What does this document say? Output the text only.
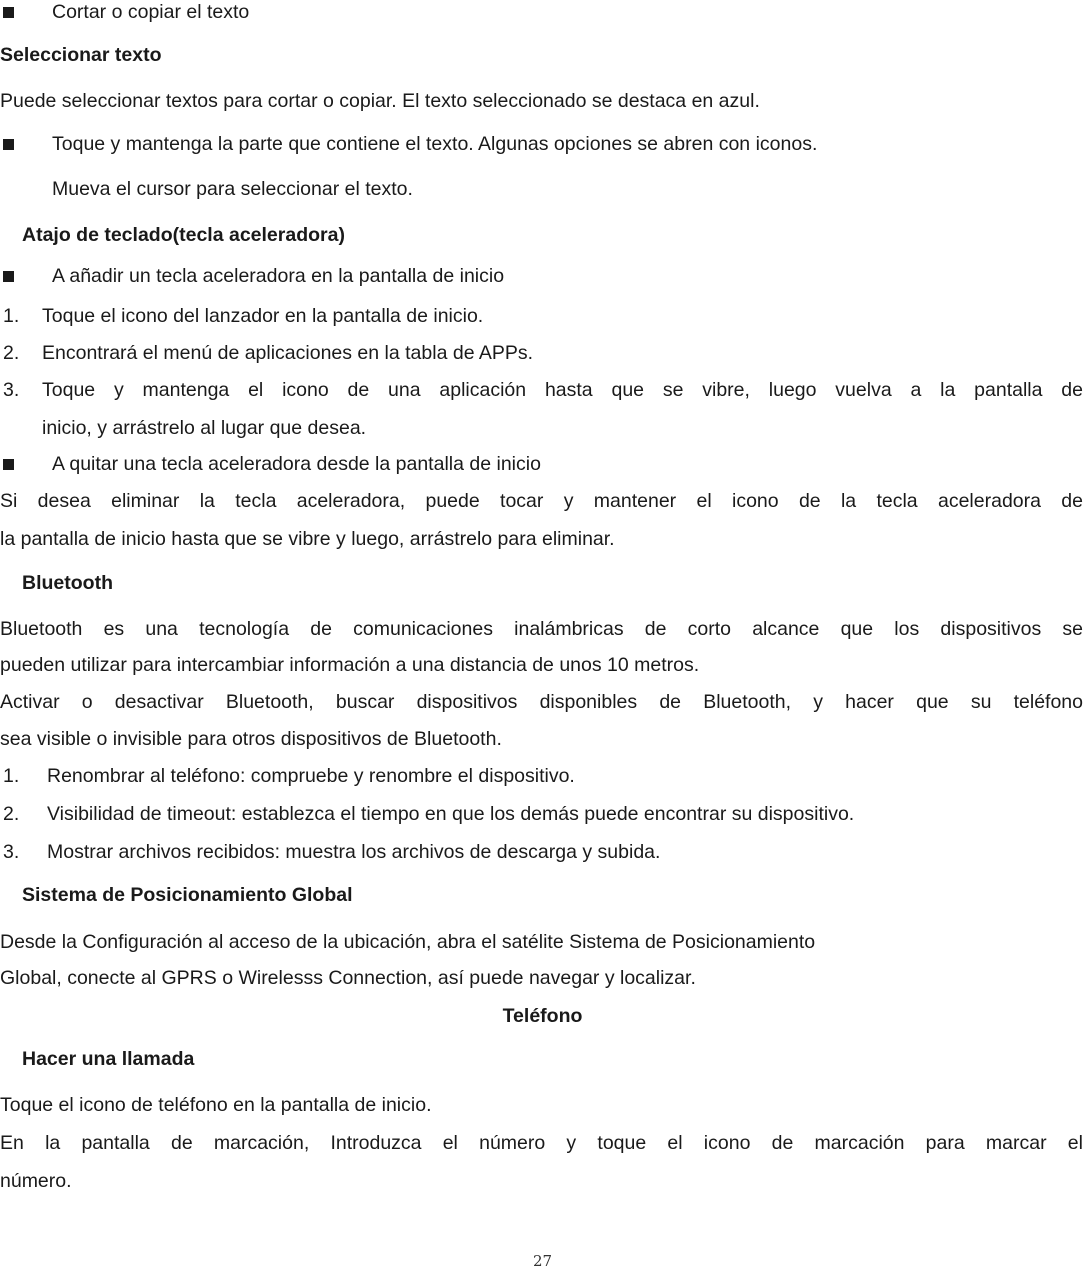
Cortar o copiar el texto
Seleccionar texto
Puede seleccionar textos para cortar o copiar. El texto seleccionado se destaca en azul.
Toque y mantenga la parte que contiene el texto. Algunas opciones se abren con iconos.
Mueva el cursor para seleccionar el texto.
Atajo de teclado(tecla aceleradora)
A añadir un tecla aceleradora en la pantalla de inicio
1. Toque el icono del lanzador en la pantalla de inicio.
2. Encontrará el menú de aplicaciones en la tabla de APPs.
3. Toque y mantenga el icono de una aplicación hasta que se vibre, luego vuelva a la pantalla de
inicio, y arrástrelo al lugar que desea.
A quitar una tecla aceleradora desde la pantalla de inicio
Si desea eliminar la tecla aceleradora, puede tocar y mantener el icono de la tecla aceleradora de
la pantalla de inicio hasta que se vibre y luego, arrástrelo para eliminar.
Bluetooth
Bluetooth es una tecnología de comunicaciones inalámbricas de corto alcance que los dispositivos se
pueden utilizar para intercambiar información a una distancia de unos 10 metros.
Activar o desactivar Bluetooth, buscar dispositivos disponibles de Bluetooth, y hacer que su teléfono
sea visible o invisible para otros dispositivos de Bluetooth.
1. Renombrar al teléfono: compruebe y renombre el dispositivo.
2. Visibilidad de timeout: establezca el tiempo en que los demás puede encontrar su dispositivo.
3. Mostrar archivos recibidos: muestra los archivos de descarga y subida.
Sistema de Posicionamiento Global
Desde la Configuración al acceso de la ubicación, abra el satélite Sistema de Posicionamiento
Global, conecte al GPRS o Wirelesss Connection, así puede navegar y localizar.
Teléfono
Hacer una llamada
Toque el icono de teléfono en la pantalla de inicio.
En la pantalla de marcación, Introduzca el número y toque el icono de marcación para marcar el
número.
27
